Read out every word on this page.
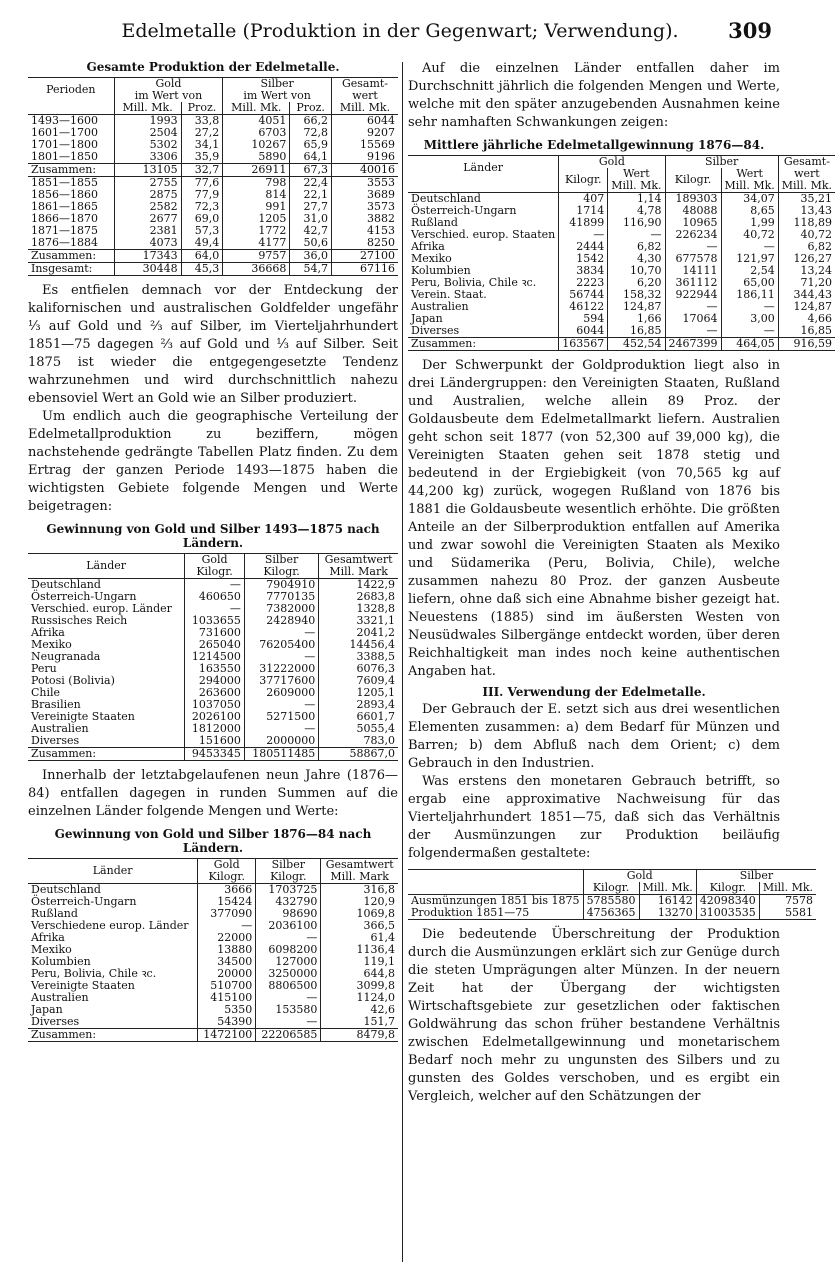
Edelmetalle (Produktion in der Gegenwart; Verwendung).	309
Gesamte Produktion der Edelmetalle.
Perioden	Gold		Silber		Gesamt-
	im Wert von		im Wert von		wert
	Mill. Mk.	Proz.	Mill. Mk.	Proz.	Mill. Mk.
1493—1600	1993	33,8	4051	66,2	6044
1601—1700	2504	27,2	6703	72,8	9207
1701—1800	5302	34,1	10267	65,9	15569
1801—1850	3306	35,9	5890	64,1	9196
Zusammen:	13105	32,7	26911	67,3	40016
1851—1855	2755	77,6	798	22,4	3553
1856—1860	2875	77,9	814	22,1	3689
1861—1865	2582	72,3	991	27,7	3573
1866—1870	2677	69,0	1205	31,0	3882
1871—1875	2381	57,3	1772	42,7	4153
1876—1884	4073	49,4	4177	50,6	8250
Zusammen:	17343	64,0	9757	36,0	27100
Insgesamt:	30448	45,3	36668	54,7	67116

Es entfielen demnach vor der Entdeckung der kalifornischen und australischen Goldfelder ungefähr ⅓ auf Gold und ⅔ auf Silber, im Vierteljahrhundert 1851—75 dagegen ⅔ auf Gold und ⅓ auf Silber. Seit 1875 ist wieder die entgegengesetzte Tendenz wahrzunehmen und wird durchschnittlich nahezu ebensoviel Wert an Gold wie an Silber produziert.

Um endlich auch die geographische Verteilung der Edelmetallproduktion zu beziffern, mögen nachstehende gedrängte Tabellen Platz finden. Zu dem Ertrag der ganzen Periode 1493—1875 haben die wichtigsten Gebiete folgende Mengen und Werte beigetragen:

Gewinnung von Gold und Silber 1493—1875 nach Ländern.
Länder	Gold	Silber	Gesamtwert
	Kilogr.	Kilogr.	Mill. Mark
Deutschland	—	7904910	1422,9
Österreich-Ungarn	460650	7770135	2683,8
Verschied. europ. Länder	—	7382000	1328,8
Russisches Reich	1033655	2428940	3321,1
Afrika	731600	—	2041,2
Mexiko	265040	76205400	14456,4
Neugranada	1214500	—	3388,5
Peru	163550	31222000	6076,3
Potosi (Bolivia)	294000	37717600	7609,4
Chile	263600	2609000	1205,1
Brasilien	1037050	—	2893,4
Vereinigte Staaten	2026100	5271500	6601,7
Australien	1812000	—	5055,4
Diverses	151600	2000000	783,0
Zusammen:	9453345	180511485	58867,0

Innerhalb der letztabgelaufenen neun Jahre (1876—84) entfallen dagegen in runden Summen auf die einzelnen Länder folgende Mengen und Werte:

Gewinnung von Gold und Silber 1876—84 nach Ländern.
Länder	Gold	Silber	Gesamtwert
	Kilogr.	Kilogr.	Mill. Mark
Deutschland	3666	1703725	316,8
Österreich-Ungarn	15424	432790	120,9
Rußland	377090	98690	1069,8
Verschiedene europ. Länder	—	2036100	366,5
Afrika	22000	—	61,4
Mexiko	13880	6098200	1136,4
Kolumbien	34500	127000	119,1
Peru, Bolivia, Chile ꝛc.	20000	3250000	644,8
Vereinigte Staaten	510700	8806500	3099,8
Australien	415100	—	1124,0
Japan	5350	153580	42,6
Diverses	54390	—	151,7
Zusammen:	1472100	22206585	8479,8

Auf die einzelnen Länder entfallen daher im Durchschnitt jährlich die folgenden Mengen und Werte, welche mit den später anzugebenden Ausnahmen keine sehr namhaften Schwankungen zeigen:

Mittlere jährliche Edelmetallgewinnung 1876—84.
Länder	Gold		Silber		Gesamt-
	Kilogr.	Wert	Kilogr.	Wert	wert
		Mill. Mk.		Mill. Mk.	Mill. Mk.
Deutschland	407	1,14	189303	34,07	35,21
Österreich-Ungarn	1714	4,78	48088	8,65	13,43
Rußland	41899	116,90	10965	1,99	118,89
Verschied. europ. Staaten	—	—	226234	40,72	40,72
Afrika	2444	6,82	—	—	6,82
Mexiko	1542	4,30	677578	121,97	126,27
Kolumbien	3834	10,70	14111	2,54	13,24
Peru, Bolivia, Chile ꝛc.	2223	6,20	361112	65,00	71,20
Verein. Staat.	56744	158,32	922944	186,11	344,43
Australien	46122	124,87	—	—	124,87
Japan	594	1,66	17064	3,00	4,66
Diverses	6044	16,85	—	—	16,85
Zusammen:	163567	452,54	2467399	464,05	916,59

Der Schwerpunkt der Goldproduktion liegt also in drei Ländergruppen: den Vereinigten Staaten, Rußland und Australien, welche allein 89 Proz. der Goldausbeute dem Edelmetallmarkt liefern. Australien geht schon seit 1877 (von 52,300 auf 39,000 kg), die Vereinigten Staaten gehen seit 1878 stetig und bedeutend in der Ergiebigkeit (von 70,565 kg auf 44,200 kg) zurück, wogegen Rußland von 1876 bis 1881 die Goldausbeute wesentlich erhöhte. Die größten Anteile an der Silberproduktion entfallen auf Amerika und zwar sowohl die Vereinigten Staaten als Mexiko und Südamerika (Peru, Bolivia, Chile), welche zusammen nahezu 80 Proz. der ganzen Ausbeute liefern, ohne daß sich eine Abnahme bisher gezeigt hat. Neuestens (1885) sind im äußersten Westen von Neusüdwales Silbergänge entdeckt worden, über deren Reichhaltigkeit man indes noch keine authentischen Angaben hat.

III. Verwendung der Edelmetalle.

Der Gebrauch der E. setzt sich aus drei wesentlichen Elementen zusammen: a) dem Bedarf für Münzen und Barren; b) dem Abfluß nach dem Orient; c) dem Gebrauch in den Industrien.

Was erstens den monetaren Gebrauch betrifft, so ergab eine approximative Nachweisung für das Vierteljahrhundert 1851—75, daß sich das Verhältnis der Ausmünzungen zur Produktion beiläufig folgendermaßen gestaltete:

	Gold		Silber	
	Kilogr.	Mill. Mk.	Kilogr.	Mill. Mk.
Ausmünzungen 1851 bis 1875	5785580	16142	42098340	7578
Produktion 1851—75	4756365	13270	31003535	5581

Die bedeutende Überschreitung der Produktion durch die Ausmünzungen erklärt sich zur Genüge durch die steten Umprägungen alter Münzen. In der neuern Zeit hat der Übergang der wichtigsten Wirtschaftsgebiete zur gesetzlichen oder faktischen Goldwährung das schon früher bestandene Verhältnis zwischen Edelmetallgewinnung und monetarischem Bedarf noch mehr zu ungunsten des Silbers und zu gunsten des Goldes verschoben, und es ergibt ein Vergleich, welcher auf den Schätzungen der
